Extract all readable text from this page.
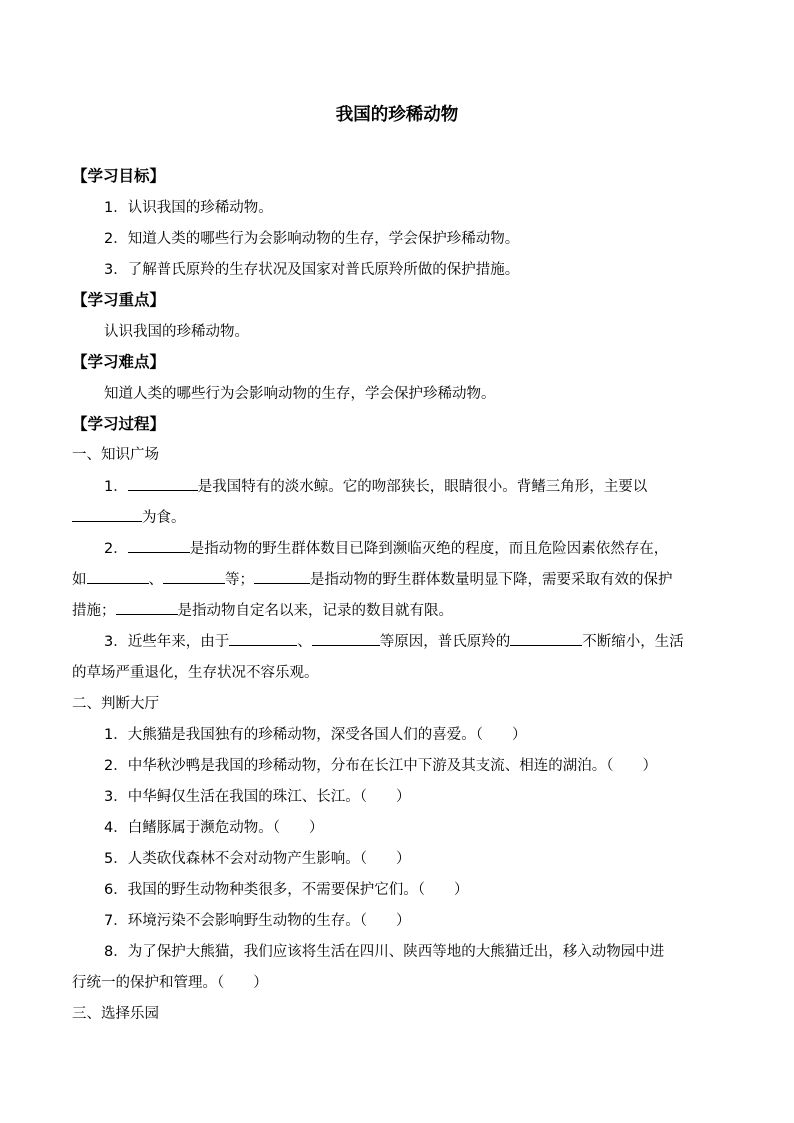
我国的珍稀动物
【学习目标】
1．认识我国的珍稀动物。
2．知道人类的哪些行为会影响动物的生存，学会保护珍稀动物。
3．了解普氏原羚的生存状况及国家对普氏原羚所做的保护措施。
【学习重点】
认识我国的珍稀动物。
【学习难点】
知道人类的哪些行为会影响动物的生存，学会保护珍稀动物。
【学习过程】
一、知识广场
1．	是我国特有的淡水鲸。它的吻部狭长，眼睛很小。背鳍三角形，主要以
为食。
2．	是指动物的野生群体数目已降到濒临灭绝的程度，而且危险因素依然存在，
如	、	等；	是指动物的野生群体数量明显下降，需要采取有效的保护
措施；	是指动物自定名以来，记录的数目就有限。
3．近些年来，由于	、	等原因，普氏原羚的	不断缩小，生活
的草场严重退化，生存状况不容乐观。
二、判断大厅
1．大熊猫是我国独有的珍稀动物，深受各国人们的喜爱。（　　）
2．中华秋沙鸭是我国的珍稀动物，分布在长江中下游及其支流、相连的湖泊。（　　）
3．中华鲟仅生活在我国的珠江、长江。（　　）
4．白鳍豚属于濒危动物。（　　）
5．人类砍伐森林不会对动物产生影响。（　　）
6．我国的野生动物种类很多，不需要保护它们。（　　）
7．环境污染不会影响野生动物的生存。（　　）
8．为了保护大熊猫，我们应该将生活在四川、陕西等地的大熊猫迁出，移入动物园中进
行统一的保护和管理。（　　）
三、选择乐园
